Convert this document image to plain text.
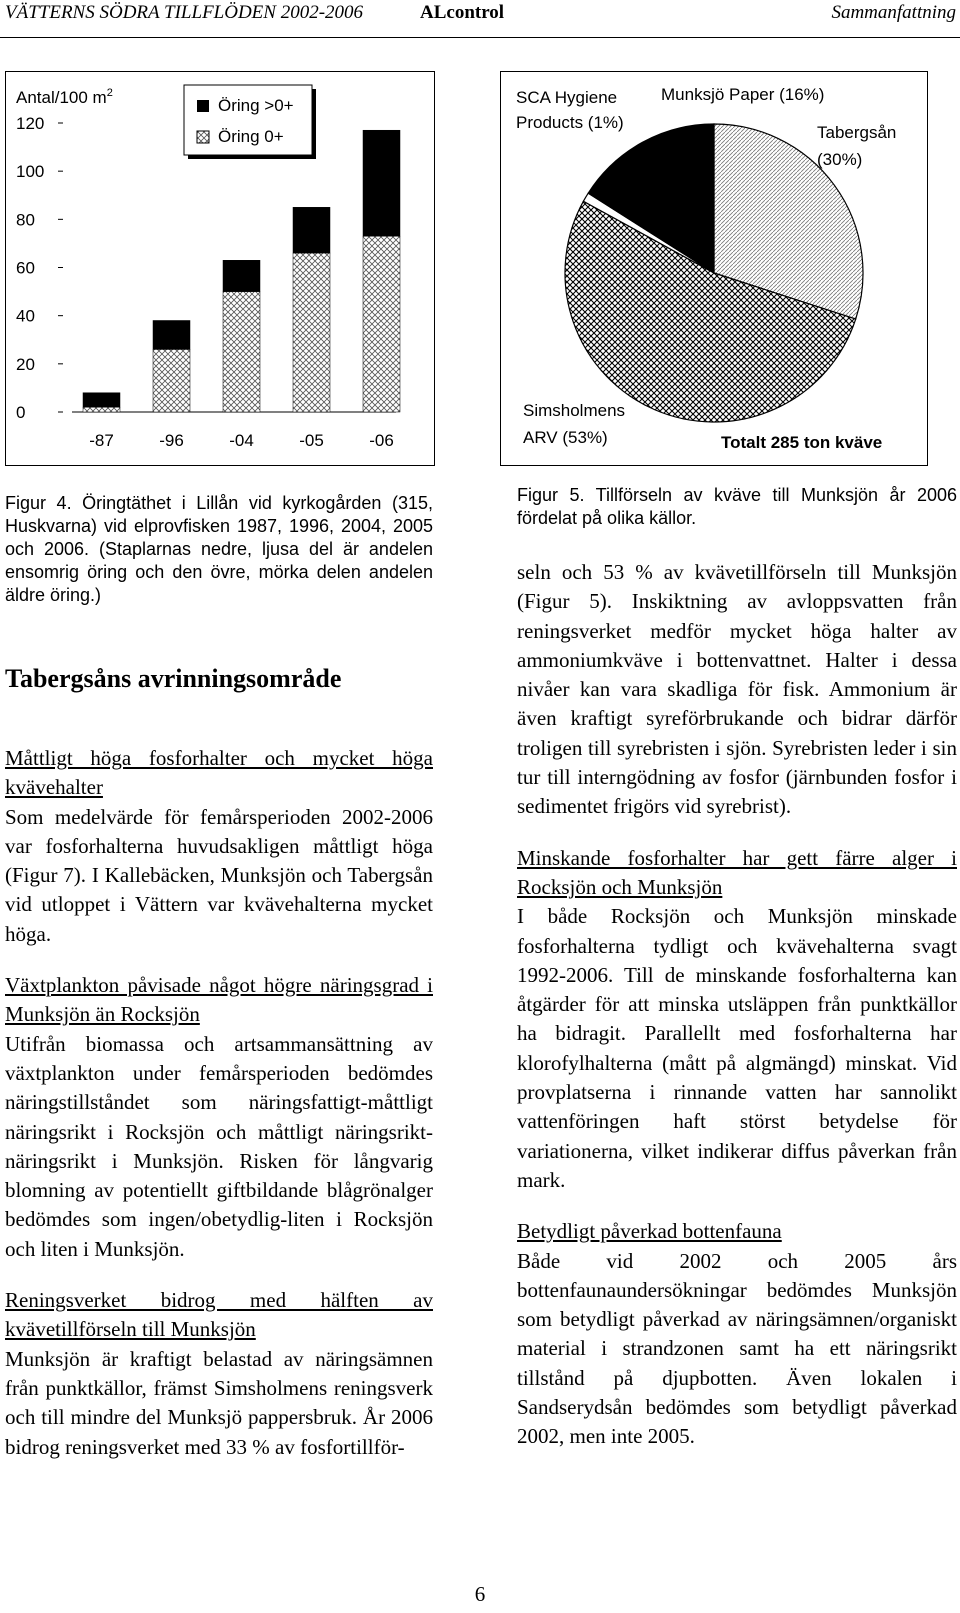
VÄTTERNS SÖDRA TILLFLÖDEN 2002-2006	ALcontrol	Sammanfattning
Antal/100 $m^2$
0
20
40
60
80
100
120
-87	-96	-04	-05	-06
Öring >0+
Öring 0+
SCA Hygiene
Products (1%)
Munksjö Paper (16%)
Tabergsån
(30%)
Simsholmens
ARV (53%)	Totalt 285 ton kväve

Figur 4. Öringtäthet i Lillån vid kyrkogården (315, Huskvarna) vid elprovfisken 1987, 1996, 2004, 2005 och 2006. (Staplarnas nedre, ljusa del är andelen ensomrig öring och den övre, mörka delen andelen äldre öring.)

Figur 5. Tillförseln av kväve till Munksjön år 2006 fördelat på olika källor.

Tabergsåns avrinningsområde

Måttligt höga fosforhalter och mycket höga kvävehalter
Som medelvärde för femårsperioden 2002-2006 var fosforhalterna huvudsakligen måttligt höga (Figur 7). I Kallebäcken, Munksjön och Tabergsån vid utloppet i Vättern var kvävehalterna mycket höga.

Växtplankton påvisade något högre näringsgrad i Munksjön än Rocksjön
Utifrån biomassa och artsammansättning av växtplankton under femårsperioden bedömdes näringstillståndet som näringsfattigt-måttligt näringsrikt i Rocksjön och måttligt näringsrikt-näringsrikt i Munksjön. Risken för långvarig blomning av potentiellt giftbildande blågrönalger bedömdes som ingen/obetydlig-liten i Rocksjön och liten i Munksjön.

Reningsverket bidrog med hälften av kvävetillförseln till Munksjön
Munksjön är kraftigt belastad av näringsämnen från punktkällor, främst Simsholmens reningsverk och till mindre del Munksjö pappersbruk. År 2006 bidrog reningsverket med 33 % av fosfortillför-

seln och 53 % av kvävetillförseln till Munksjön (Figur 5). Inskiktning av avloppsvatten från reningsverket medför mycket höga halter av ammoniumkväve i bottenvattnet. Halter i dessa nivåer kan vara skadliga för fisk. Ammonium är även kraftigt syreförbrukande och bidrar därför troligen till syrebristen i sjön. Syrebristen leder i sin tur till interngödning av fosfor (järnbunden fosfor i sedimentet frigörs vid syrebrist).

Minskande fosforhalter har gett färre alger i Rocksjön och Munksjön
I både Rocksjön och Munksjön minskade fosforhalterna tydligt och kvävehalterna svagt 1992-2006. Till de minskande fosforhalterna kan åtgärder för att minska utsläppen från punktkällor ha bidragit. Parallellt med fosforhalterna har klorofylhalterna (mått på algmängd) minskat. Vid provplatserna i rinnande vatten har sannolikt vattenföringen haft störst betydelse för variationerna, vilket indikerar diffus påverkan från mark.

Betydligt påverkad bottenfauna
Både vid 2002 och 2005 års bottenfaunaundersökningar bedömdes Munksjön som betydligt påverkad av näringsämnen/organiskt material i strandzonen samt ha ett näringsrikt tillstånd på djupbotten. Även lokalen i Sandserydsån bedömdes som betydligt påverkad 2002, men inte 2005.

6
